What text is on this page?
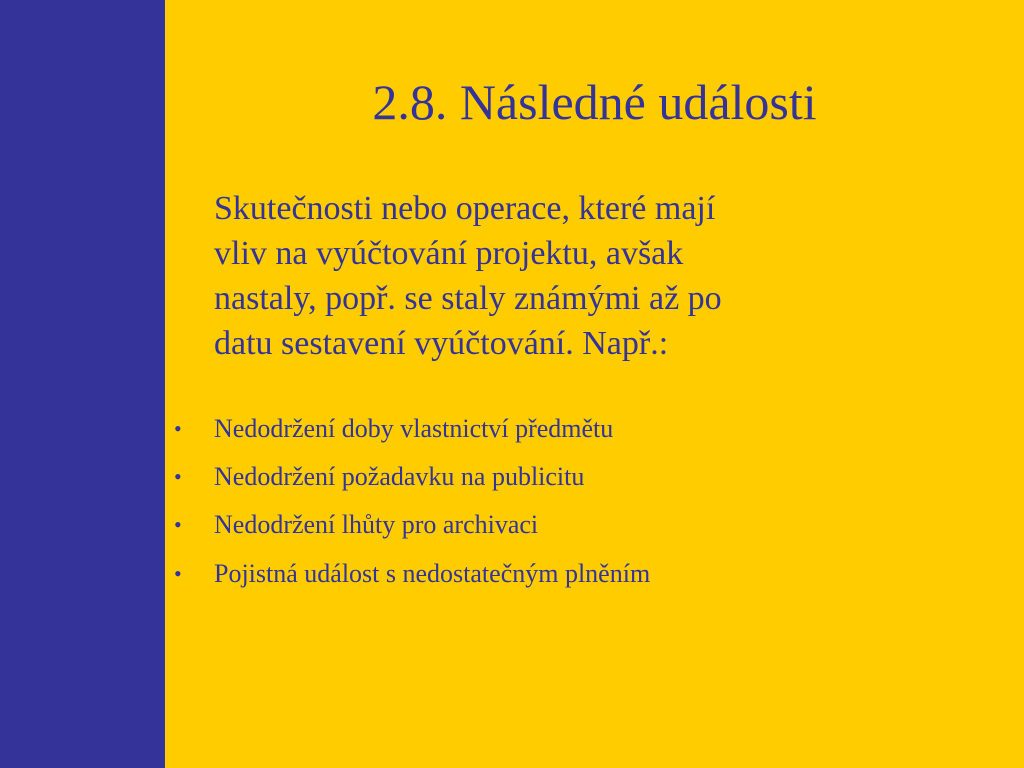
2.8. Následné události

Skutečnosti nebo operace, které mají
vliv na vyúčtování projektu, avšak
nastaly, popř. se staly známými až po
datu sestavení vyúčtování. Např.:

• Nedodržení doby vlastnictví předmětu
• Nedodržení požadavku na publicitu
• Nedodržení lhůty pro archivaci
• Pojistná událost s nedostatečným plněním
